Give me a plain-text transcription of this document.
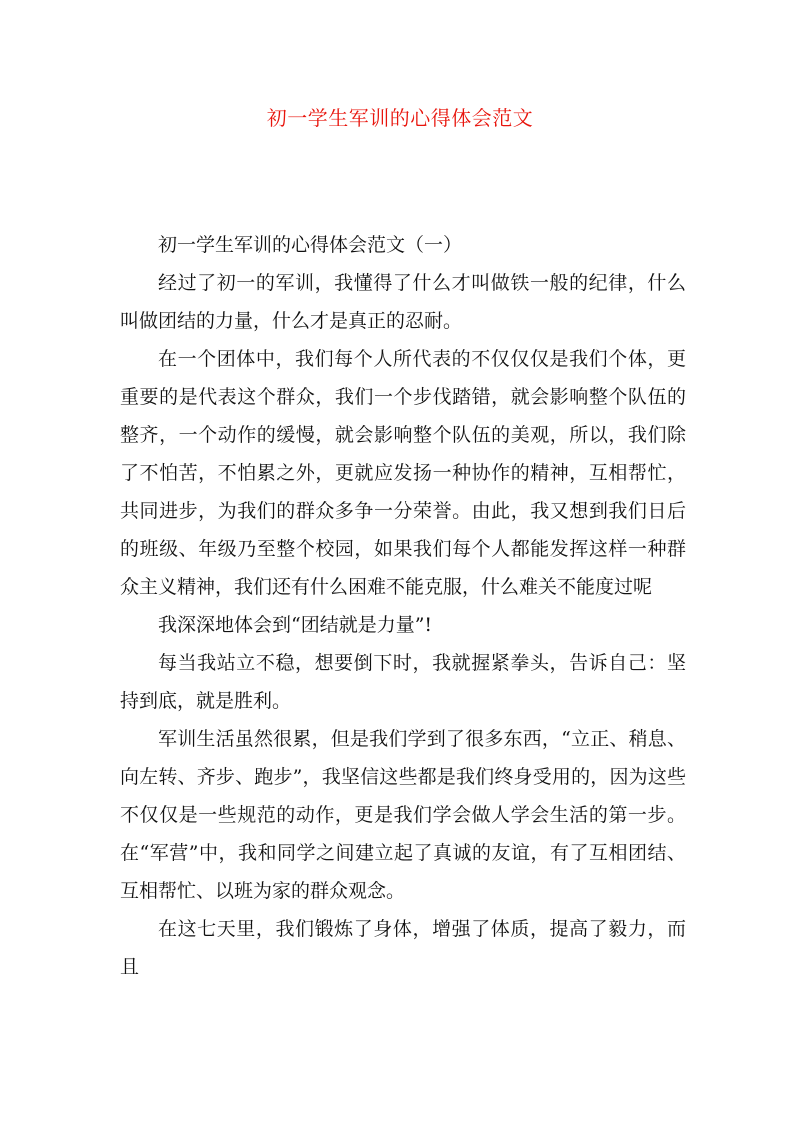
初一学生军训的心得体会范文

初一学生军训的心得体会范文（一）

经过了初一的军训，我懂得了什么才叫做铁一般的纪律，什么叫做团结的力量，什么才是真正的忍耐。

在一个团体中，我们每个人所代表的不仅仅仅是我们个体，更重要的是代表这个群众，我们一个步伐踏错，就会影响整个队伍的整齐，一个动作的缓慢，就会影响整个队伍的美观，所以，我们除了不怕苦，不怕累之外，更就应发扬一种协作的精神，互相帮忙，共同进步，为我们的群众多争一分荣誉。由此，我又想到我们日后的班级、年级乃至整个校园，如果我们每个人都能发挥这样一种群众主义精神，我们还有什么困难不能克服，什么难关不能度过呢

我深深地体会到“团结就是力量”!

每当我站立不稳，想要倒下时，我就握紧拳头，告诉自己：坚持到底，就是胜利。

军训生活虽然很累，但是我们学到了很多东西，“立正、稍息、向左转、齐步、跑步”，我坚信这些都是我们终身受用的，因为这些不仅仅是一些规范的动作，更是我们学会做人学会生活的第一步。在“军营”中，我和同学之间建立起了真诚的友谊，有了互相团结、互相帮忙、以班为家的群众观念。

在这七天里，我们锻炼了身体，增强了体质，提高了毅力，而且
